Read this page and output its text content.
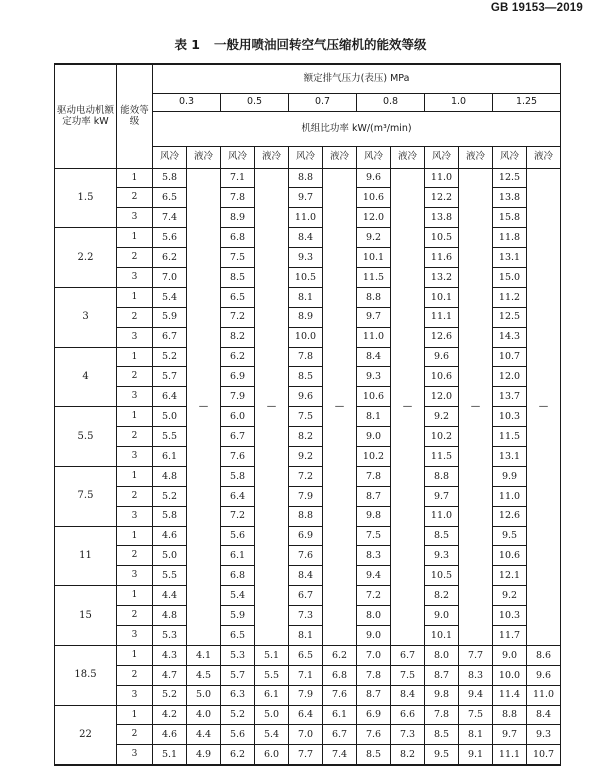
GB 19153—2019
表 1 一般用喷油回转空气压缩机的能效等级
驱动电动机额定功率 kW	能效等级	额定排气压力(表压) MPa											
		0.3		0.5		0.7		0.8		1.0		1.25	
		机组比功率 kW/(m³/min)											
		风冷	液冷	风冷	液冷	风冷	液冷	风冷	液冷	风冷	液冷	风冷	液冷
1.5	1	5.8	—	7.1	—	8.8	—	9.6	—	11.0	—	12.5	—
	2	6.5		7.8		9.7		10.6		12.2		13.8	
	3	7.4		8.9		11.0		12.0		13.8		15.8	
2.2	1	5.6		6.8		8.4		9.2		10.5		11.8	
	2	6.2		7.5		9.3		10.1		11.6		13.1	
	3	7.0		8.5		10.5		11.5		13.2		15.0	
3	1	5.4		6.5		8.1		8.8		10.1		11.2	
	2	5.9		7.2		8.9		9.7		11.1		12.5	
	3	6.7		8.2		10.0		11.0		12.6		14.3	
4	1	5.2		6.2		7.8		8.4		9.6		10.7	
	2	5.7		6.9		8.5		9.3		10.6		12.0	
	3	6.4		7.9		9.6		10.6		12.0		13.7	
5.5	1	5.0		6.0		7.5		8.1		9.2		10.3	
	2	5.5		6.7		8.2		9.0		10.2		11.5	
	3	6.1		7.6		9.2		10.2		11.5		13.1	
7.5	1	4.8		5.8		7.2		7.8		8.8		9.9	
	2	5.2		6.4		7.9		8.7		9.7		11.0	
	3	5.8		7.2		8.8		9.8		11.0		12.6	
11	1	4.6		5.6		6.9		7.5		8.5		9.5	
	2	5.0		6.1		7.6		8.3		9.3		10.6	
	3	5.5		6.8		8.4		9.4		10.5		12.1	
15	1	4.4		5.4		6.7		7.2		8.2		9.2	
	2	4.8		5.9		7.3		8.0		9.0		10.3	
	3	5.3		6.5		8.1		9.0		10.1		11.7	
18.5	1	4.3	4.1	5.3	5.1	6.5	6.2	7.0	6.7	8.0	7.7	9.0	8.6
	2	4.7	4.5	5.7	5.5	7.1	6.8	7.8	7.5	8.7	8.3	10.0	9.6
	3	5.2	5.0	6.3	6.1	7.9	7.6	8.7	8.4	9.8	9.4	11.4	11.0
22	1	4.2	4.0	5.2	5.0	6.4	6.1	6.9	6.6	7.8	7.5	8.8	8.4
	2	4.6	4.4	5.6	5.4	7.0	6.7	7.6	7.3	8.5	8.1	9.7	9.3
	3	5.1	4.9	6.2	6.0	7.7	7.4	8.5	8.2	9.5	9.1	11.1	10.7
